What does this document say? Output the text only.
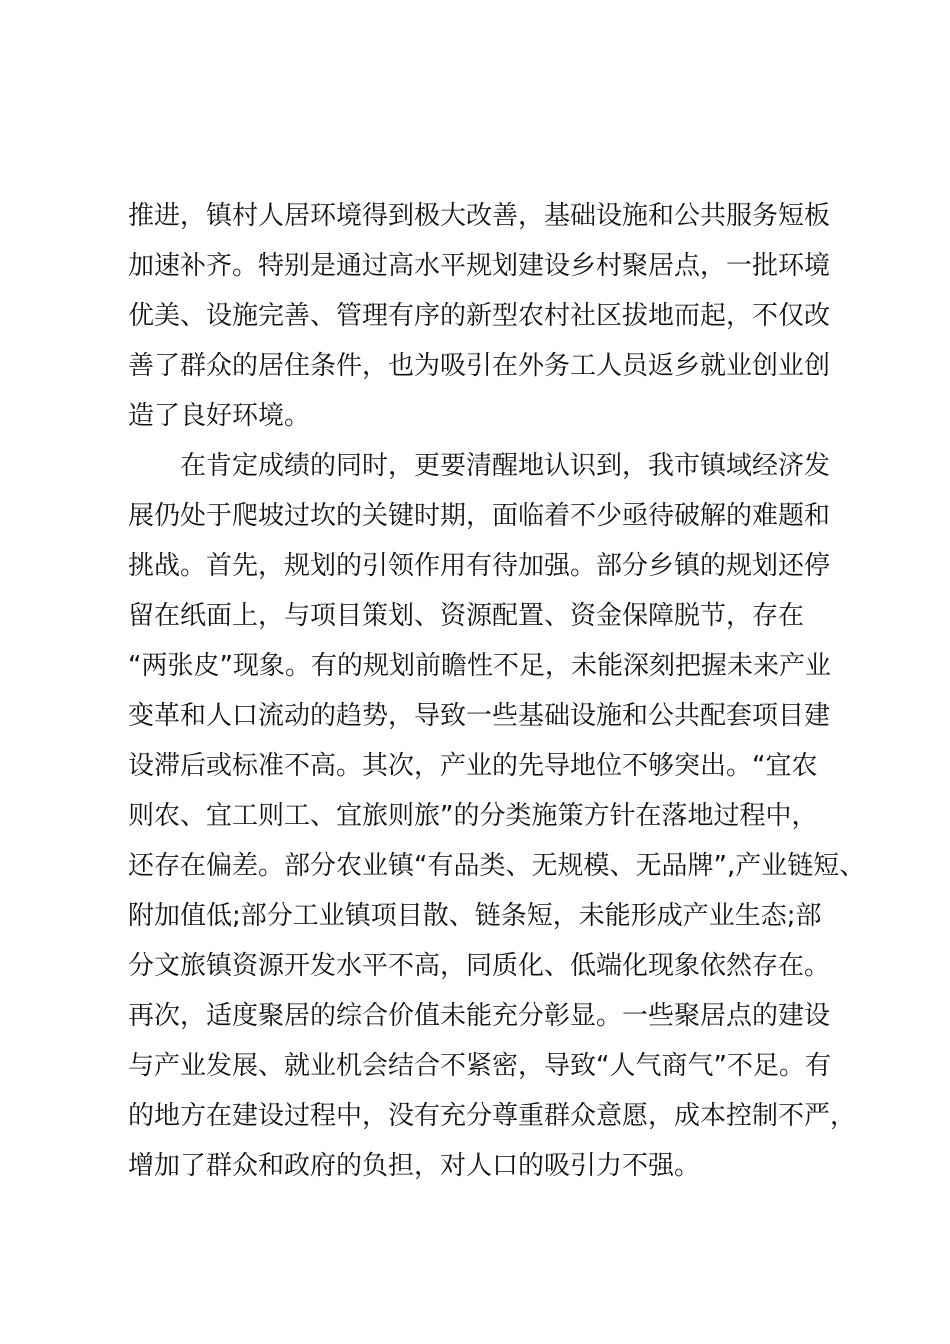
推进，镇村人居环境得到极大改善，基础设施和公共服务短板
加速补齐。特别是通过高水平规划建设乡村聚居点，一批环境
优美、设施完善、管理有序的新型农村社区拔地而起，不仅改
善了群众的居住条件，也为吸引在外务工人员返乡就业创业创
造了良好环境。
在肯定成绩的同时，更要清醒地认识到，我市镇域经济发
展仍处于爬坡过坎的关键时期，面临着不少亟待破解的难题和
挑战。首先，规划的引领作用有待加强。部分乡镇的规划还停
留在纸面上，与项目策划、资源配置、资金保障脱节，存在
“两张皮”现象。有的规划前瞻性不足，未能深刻把握未来产业
变革和人口流动的趋势，导致一些基础设施和公共配套项目建
设滞后或标准不高。其次，产业的先导地位不够突出。“宜农
则农、宜工则工、宜旅则旅”的分类施策方针在落地过程中，
还存在偏差。部分农业镇“有品类、无规模、无品牌”,产业链短、
附加值低;部分工业镇项目散、链条短，未能形成产业生态;部
分文旅镇资源开发水平不高，同质化、低端化现象依然存在。
再次，适度聚居的综合价值未能充分彰显。一些聚居点的建设
与产业发展、就业机会结合不紧密，导致“人气商气”不足。有
的地方在建设过程中，没有充分尊重群众意愿，成本控制不严，
增加了群众和政府的负担，对人口的吸引力不强。
